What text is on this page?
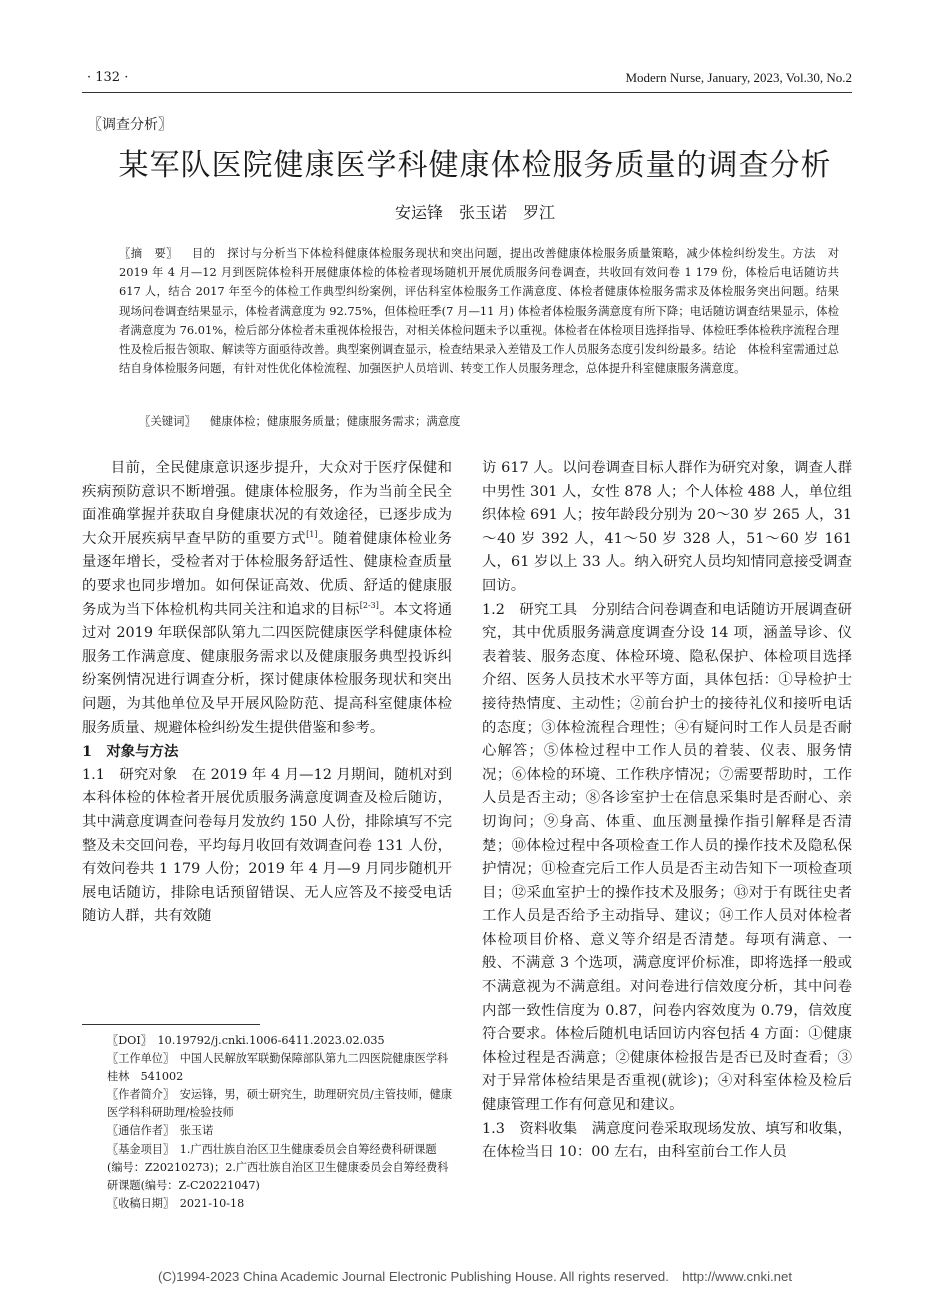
· 132 ·	Modern Nurse, January, 2023, Vol.30, No.2
〖调查分析〗
某军队医院健康医学科健康体检服务质量的调查分析
安运锋　张玉诺　罗江
〖摘　要〗 目的　探讨与分析当下体检科健康体检服务现状和突出问题，提出改善健康体检服务质量策略，减少体检纠纷发生。方法　对 2019 年 4 月—12 月到医院体检科开展健康体检的体检者现场随机开展优质服务问卷调查，共收回有效问卷 1 179 份，体检后电话随访共 617 人，结合 2017 年至今的体检工作典型纠纷案例，评估科室体检服务工作满意度、体检者健康体检服务需求及体检服务突出问题。结果　现场问卷调查结果显示，体检者满意度为 92.75%，但体检旺季(7 月—11 月) 体检者体检服务满意度有所下降；电话随访调查结果显示，体检者满意度为 76.01%，检后部分体检者未重视体检报告，对相关体检问题未予以重视。体检者在体检项目选择指导、体检旺季体检秩序流程合理性及检后报告领取、解读等方面亟待改善。典型案例调查显示，检查结果录入差错及工作人员服务态度引发纠纷最多。结论　体检科室需通过总结自身体检服务问题，有针对性优化体检流程、加强医护人员培训、转变工作人员服务理念，总体提升科室健康服务满意度。
〖关键词〗 健康体检；健康服务质量；健康服务需求；满意度

目前，全民健康意识逐步提升，大众对于医疗保健和疾病预防意识不断增强。健康体检服务，作为当前全民全面准确掌握并获取自身健康状况的有效途径，已逐步成为大众开展疾病早查早防的重要方式[1]。随着健康体检业务量逐年增长，受检者对于体检服务舒适性、健康检查质量的要求也同步增加。如何保证高效、优质、舒适的健康服务成为当下体检机构共同关注和追求的目标[2-3]。本文将通过对 2019 年联保部队第九二四医院健康医学科健康体检服务工作满意度、健康服务需求以及健康服务典型投诉纠纷案例情况进行调查分析，探讨健康体检服务现状和突出问题，为其他单位及早开展风险防范、提高科室健康体检服务质量、规避体检纠纷发生提供借鉴和参考。

1　对象与方法

1.1　研究对象　在 2019 年 4 月—12 月期间，随机对到本科体检的体检者开展优质服务满意度调查及检后随访，其中满意度调查问卷每月发放约 150 人份，排除填写不完整及未交回问卷，平均每月收回有效调查问卷 131 人份，有效问卷共 1 179 人份；2019 年 4 月—9 月同步随机开展电话随访，排除电话预留错误、无人应答及不接受电话随访人群，共有效随

访 617 人。以问卷调查目标人群作为研究对象，调查人群中男性 301 人，女性 878 人；个人体检 488 人，单位组织体检 691 人；按年龄段分别为 20～30 岁 265 人，31～40 岁 392 人，41～50 岁 328 人，51～60 岁 161 人，61 岁以上 33 人。纳入研究人员均知情同意接受调查回访。

1.2　研究工具　分别结合问卷调查和电话随访开展调查研究，其中优质服务满意度调查分设 14 项，涵盖导诊、仪表着装、服务态度、体检环境、隐私保护、体检项目选择介绍、医务人员技术水平等方面，具体包括：①导检护士接待热情度、主动性；②前台护士的接待礼仪和接听电话的态度；③体检流程合理性；④有疑问时工作人员是否耐心解答；⑤体检过程中工作人员的着装、仪表、服务情况；⑥体检的环境、工作秩序情况；⑦需要帮助时，工作人员是否主动；⑧各诊室护士在信息采集时是否耐心、亲切询问；⑨身高、体重、血压测量操作指引解释是否清楚；⑩体检过程中各项检查工作人员的操作技术及隐私保护情况；⑪检查完后工作人员是否主动告知下一项检查项目；⑫采血室护士的操作技术及服务；⑬对于有既往史者工作人员是否给予主动指导、建议；⑭工作人员对体检者体检项目价格、意义等介绍是否清楚。每项有满意、一般、不满意 3 个选项，满意度评价标准，即将选择一般或不满意视为不满意组。对问卷进行信效度分析，其中问卷内部一致性信度为 0.87，问卷内容效度为 0.79，信效度符合要求。体检后随机电话回访内容包括 4 方面：①健康体检过程是否满意；②健康体检报告是否已及时查看；③对于异常体检结果是否重视(就诊)；④对科室体检及检后健康管理工作有何意见和建议。

1.3　资料收集　满意度问卷采取现场发放、填写和收集，在体检当日 10：00 左右，由科室前台工作人员

〖DOI〗　 10.19792/j.cnki.1006-6411.2023.02.035

〖工作单位〗　 中国人民解放军联勤保障部队第九二四医院健康医学科　桂林　541002

〖作者简介〗　 安运锋，男，硕士研究生，助理研究员/主管技师，健康医学科科研助理/检验技师

〖通信作者〗　 张玉诺

〖基金项目〗　 1.广西壮族自治区卫生健康委员会自筹经费科研课题(编号：Z20210273)；2.广西壮族自治区卫生健康委员会自筹经费科研课题(编号：Z-C20221047)

〖收稿日期〗　 2021-10-18

(C)1994-2023 China Academic Journal Electronic Publishing House. All rights reserved.　http://www.cnki.net
